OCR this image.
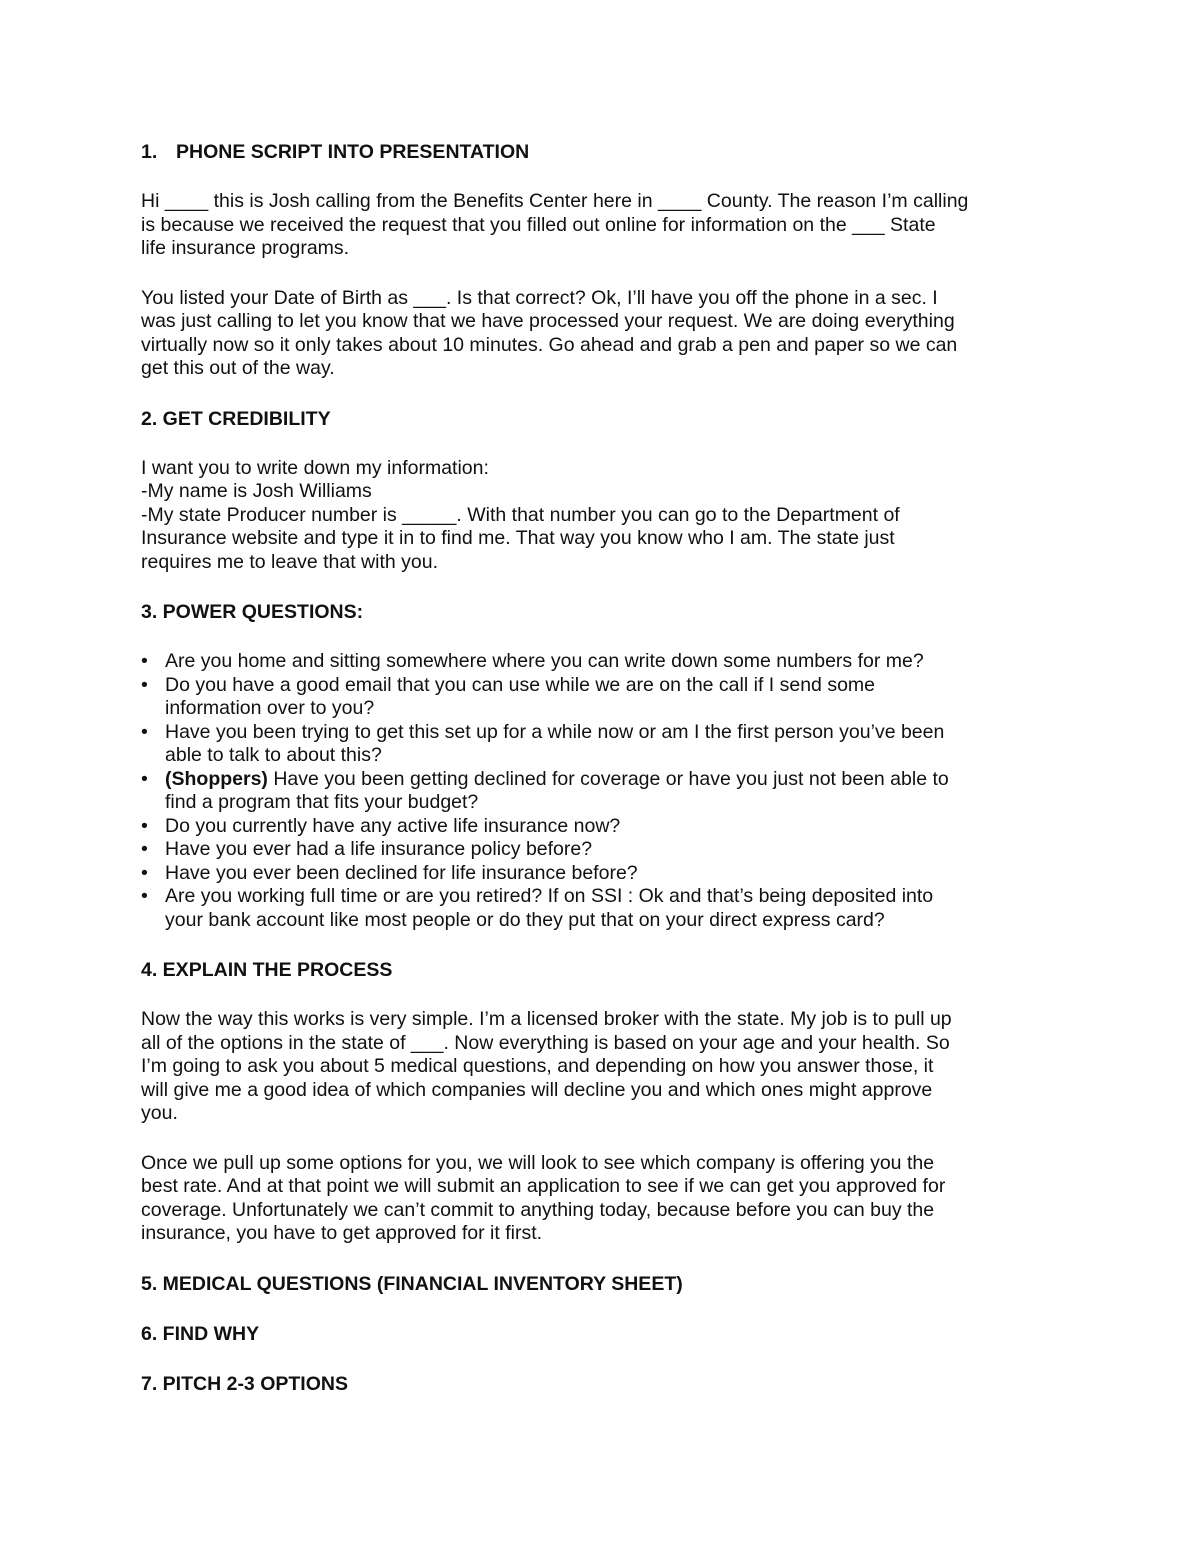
1. PHONE SCRIPT INTO PRESENTATION

Hi ____ this is Josh calling from the Benefits Center here in ____ County. The reason I’m calling
is because we received the request that you filled out online for information on the ___ State
life insurance programs.

You listed your Date of Birth as ___. Is that correct? Ok, I’ll have you off the phone in a sec. I
was just calling to let you know that we have processed your request. We are doing everything
virtually now so it only takes about 10 minutes. Go ahead and grab a pen and paper so we can
get this out of the way.

2. GET CREDIBILITY

I want you to write down my information:
-My name is Josh Williams
-My state Producer number is _____. With that number you can go to the Department of
Insurance website and type it in to find me. That way you know who I am. The state just
requires me to leave that with you.

3. POWER QUESTIONS:

• Are you home and sitting somewhere where you can write down some numbers for me?
• Do you have a good email that you can use while we are on the call if I send some
information over to you?
• Have you been trying to get this set up for a while now or am I the first person you’ve been
able to talk to about this?
• (Shoppers) Have you been getting declined for coverage or have you just not been able to
find a program that fits your budget?
• Do you currently have any active life insurance now?
• Have you ever had a life insurance policy before?
• Have you ever been declined for life insurance before?
• Are you working full time or are you retired? If on SSI : Ok and that’s being deposited into
your bank account like most people or do they put that on your direct express card?

4. EXPLAIN THE PROCESS

Now the way this works is very simple. I’m a licensed broker with the state. My job is to pull up
all of the options in the state of ___. Now everything is based on your age and your health. So
I’m going to ask you about 5 medical questions, and depending on how you answer those, it
will give me a good idea of which companies will decline you and which ones might approve
you.

Once we pull up some options for you, we will look to see which company is offering you the
best rate. And at that point we will submit an application to see if we can get you approved for
coverage. Unfortunately we can’t commit to anything today, because before you can buy the
insurance, you have to get approved for it first.

5. MEDICAL QUESTIONS (FINANCIAL INVENTORY SHEET)

6. FIND WHY

7. PITCH 2-3 OPTIONS
